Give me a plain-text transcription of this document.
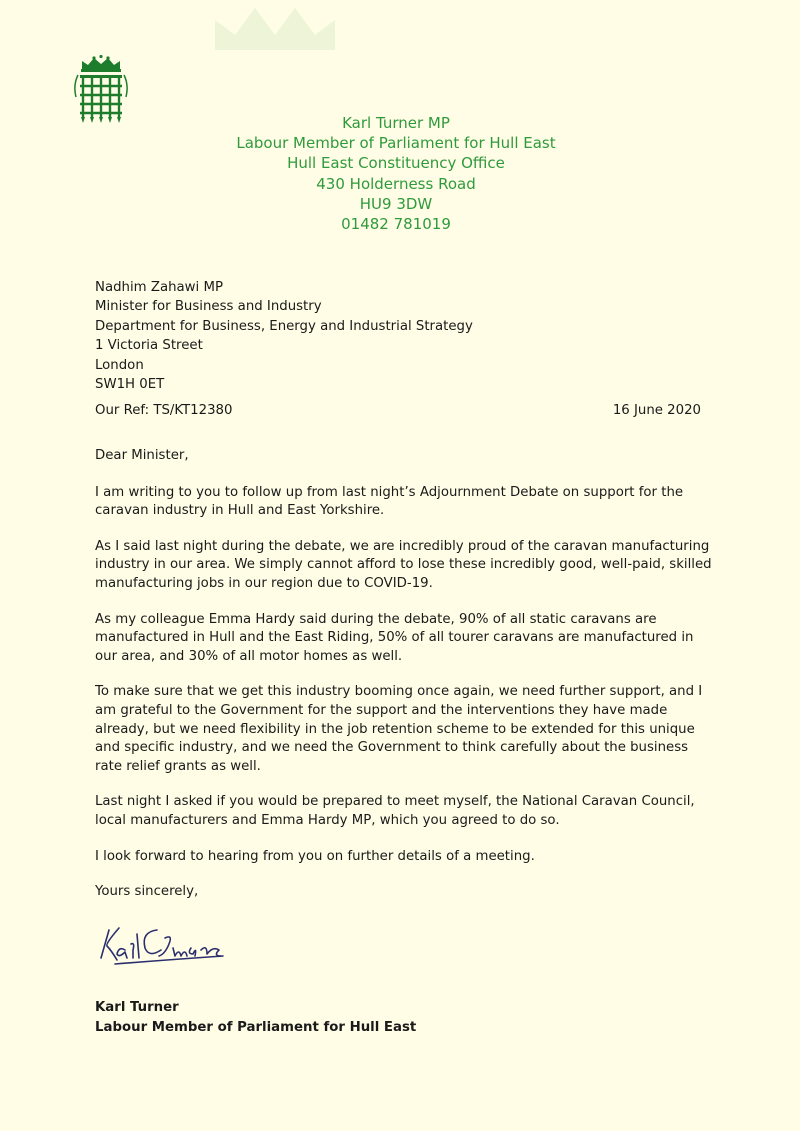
Karl Turner MP
Labour Member of Parliament for Hull East
Hull East Constituency Office
430 Holderness Road
HU9 3DW
01482 781019
Nadhim Zahawi MP
Minister for Business and Industry
Department for Business, Energy and Industrial Strategy
1 Victoria Street
London
SW1H 0ET
Our Ref: TS/KT12380	16 June 2020

Dear Minister,

I am writing to you to follow up from last night’s Adjournment Debate on support for the caravan industry in Hull and East Yorkshire.

As I said last night during the debate, we are incredibly proud of the caravan manufacturing industry in our area. We simply cannot afford to lose these incredibly good, well-paid, skilled manufacturing jobs in our region due to COVID-19.

As my colleague Emma Hardy said during the debate, 90% of all static caravans are manufactured in Hull and the East Riding, 50% of all tourer caravans are manufactured in our area, and 30% of all motor homes as well.

To make sure that we get this industry booming once again, we need further support, and I am grateful to the Government for the support and the interventions they have made already, but we need flexibility in the job retention scheme to be extended for this unique and specific industry, and we need the Government to think carefully about the business rate relief grants as well.

Last night I asked if you would be prepared to meet myself, the National Caravan Council, local manufacturers and Emma Hardy MP, which you agreed to do so.

I look forward to hearing from you on further details of a meeting.

Yours sincerely,

Karl Turner
Labour Member of Parliament for Hull East
